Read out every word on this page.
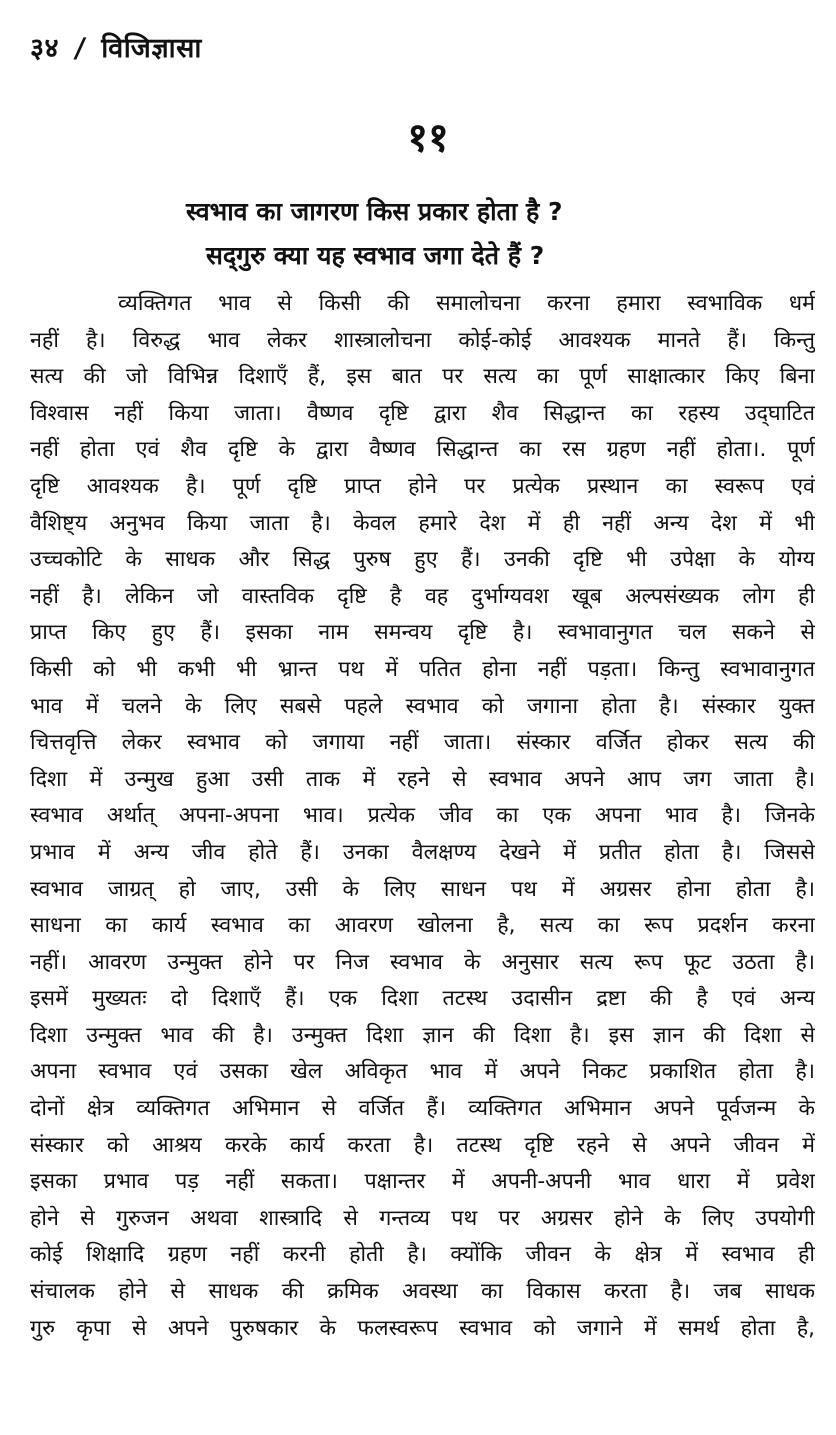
३४ / विजिज्ञासा
११
स्वभाव का जागरण किस प्रकार होता है ?
सद्‌गुरु क्या यह स्वभाव जगा देते हैं ?
व्यक्तिगत भाव से किसी की समालोचना करना हमारा स्वभाविक धर्म
नहीं है। विरुद्ध भाव लेकर शास्त्रालोचना कोई-कोई आवश्यक मानते हैं। किन्तु
सत्य की जो विभिन्न दिशाएँ हैं, इस बात पर सत्य का पूर्ण साक्षात्कार किए बिना
विश्वास नहीं किया जाता। वैष्णव दृष्टि द्वारा शैव सिद्धान्त का रहस्य उद्‌घाटित
नहीं होता एवं शैव दृष्टि के द्वारा वैष्णव सिद्धान्त का रस ग्रहण नहीं होता।. पूर्ण
दृष्टि आवश्यक है। पूर्ण दृष्टि प्राप्त होने पर प्रत्येक प्रस्थान का स्वरूप एवं
वैशिष्ट्य अनुभव किया जाता है। केवल हमारे देश में ही नहीं अन्य देश में भी
उच्चकोटि के साधक और सिद्ध पुरुष हुए हैं। उनकी दृष्टि भी उपेक्षा के योग्य
नहीं है। लेकिन जो वास्तविक दृष्टि है वह दुर्भाग्यवश खूब अल्पसंख्यक लोग ही
प्राप्त किए हुए हैं। इसका नाम समन्वय दृष्टि है। स्वभावानुगत चल सकने से
किसी को भी कभी भी भ्रान्त पथ में पतित होना नहीं पड़ता। किन्तु स्वभावानुगत
भाव में चलने के लिए सबसे पहले स्वभाव को जगाना होता है। संस्कार युक्त
चित्तवृत्ति लेकर स्वभाव को जगाया नहीं जाता। संस्कार वर्जित होकर सत्य की
दिशा में उन्मुख हुआ उसी ताक में रहने से स्वभाव अपने आप जग जाता है।
स्वभाव अर्थात् अपना-अपना भाव। प्रत्येक जीव का एक अपना भाव है। जिनके
प्रभाव में अन्य जीव होते हैं। उनका वैलक्षण्य देखने में प्रतीत होता है। जिससे
स्वभाव जाग्रत् हो जाए, उसी के लिए साधन पथ में अग्रसर होना होता है।
साधना का कार्य स्वभाव का आवरण खोलना है, सत्य का रूप प्रदर्शन करना
नहीं। आवरण उन्मुक्त होने पर निज स्वभाव के अनुसार सत्य रूप फूट उठता है।
इसमें मुख्यतः दो दिशाएँ हैं। एक दिशा तटस्थ उदासीन द्रष्टा की है एवं अन्य
दिशा उन्मुक्त भाव की है। उन्मुक्त दिशा ज्ञान की दिशा है। इस ज्ञान की दिशा से
अपना स्वभाव एवं उसका खेल अविकृत भाव में अपने निकट प्रकाशित होता है।
दोनों क्षेत्र व्यक्तिगत अभिमान से वर्जित हैं। व्यक्तिगत अभिमान अपने पूर्वजन्म के
संस्कार को आश्रय करके कार्य करता है। तटस्थ दृष्टि रहने से अपने जीवन में
इसका प्रभाव पड़ नहीं सकता। पक्षान्तर में अपनी-अपनी भाव धारा में प्रवेश
होने से गुरुजन अथवा शास्त्रादि से गन्तव्य पथ पर अग्रसर होने के लिए उपयोगी
कोई शिक्षादि ग्रहण नहीं करनी होती है। क्योंकि जीवन के क्षेत्र में स्वभाव ही
संचालक होने से साधक की क्रमिक अवस्था का विकास करता है। जब साधक
गुरु कृपा से अपने पुरुषकार के फलस्वरूप स्वभाव को जगाने में समर्थ होता है,
